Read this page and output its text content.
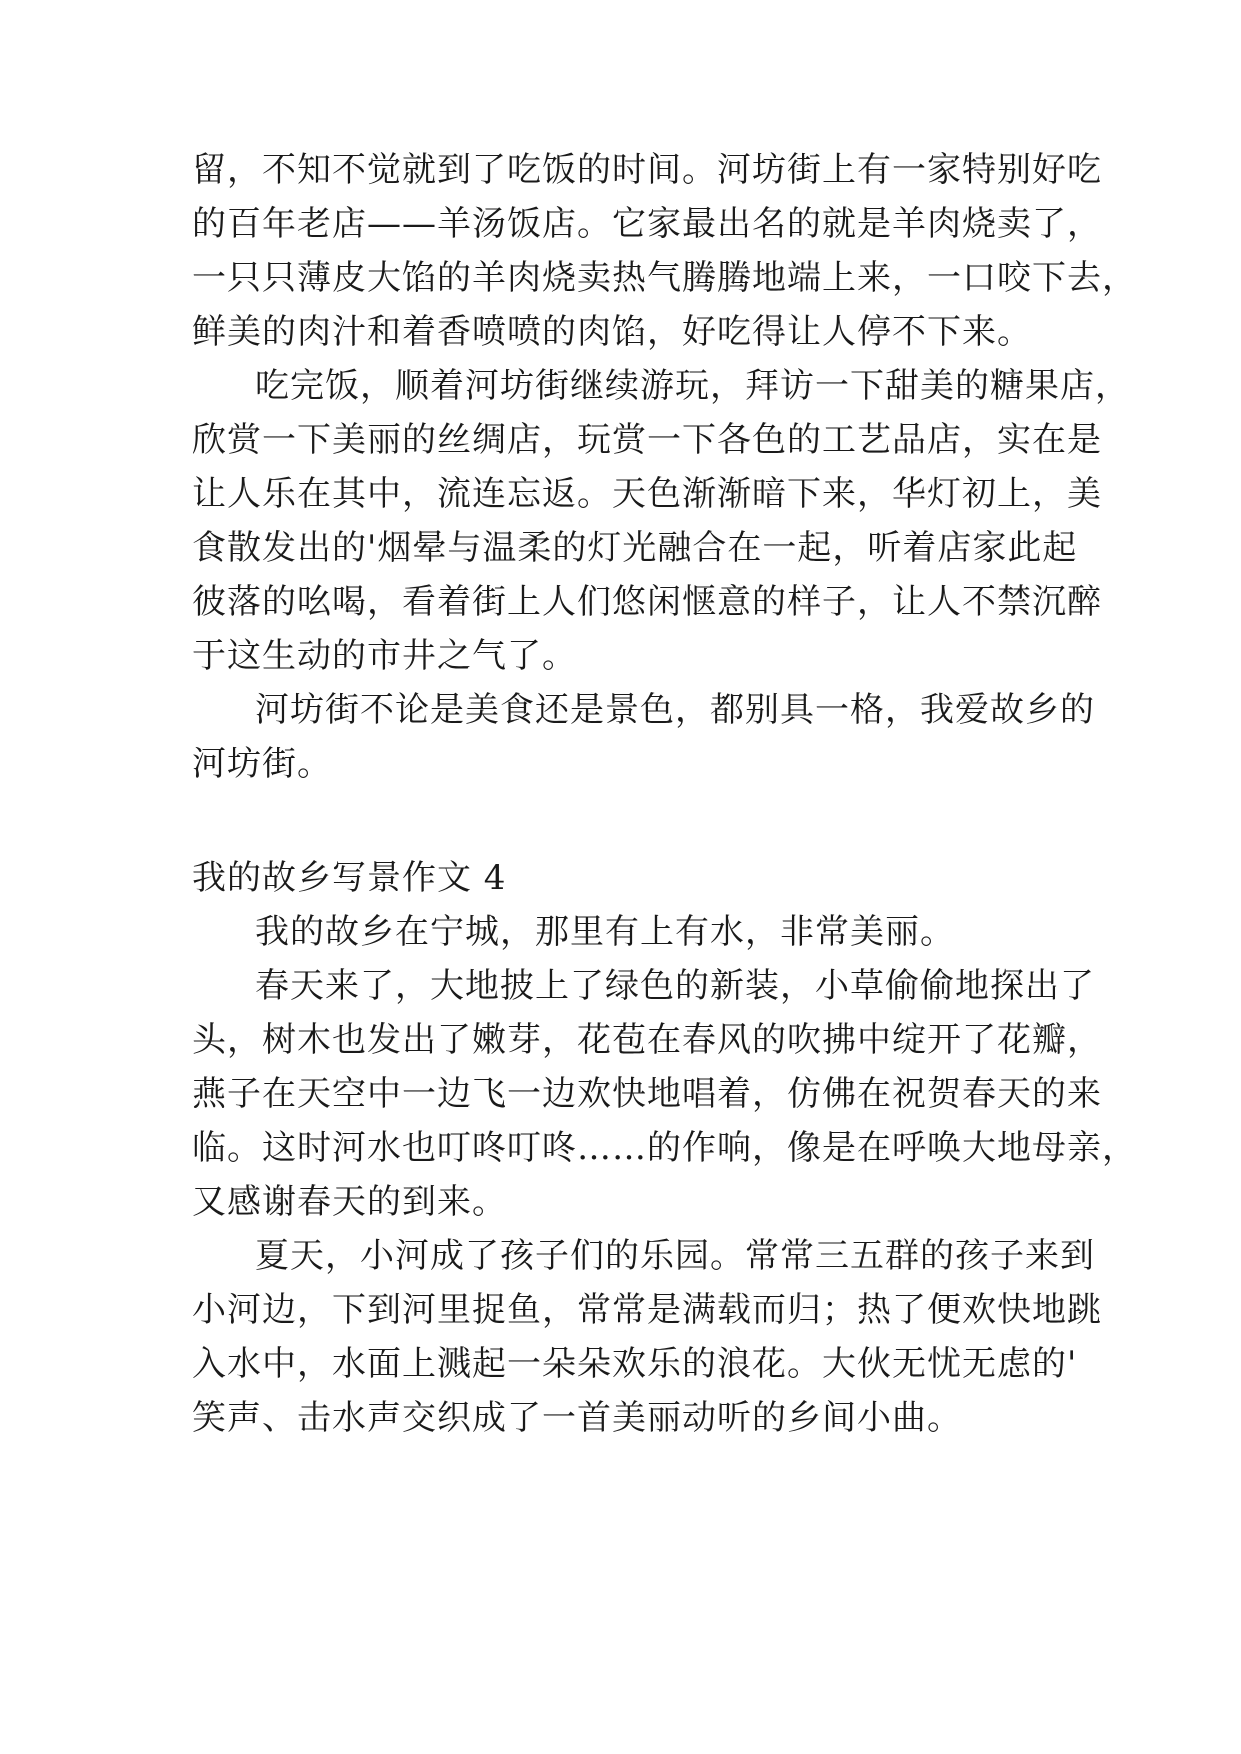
留，不知不觉就到了吃饭的时间。河坊街上有一家特别好吃
的百年老店——羊汤饭店。它家最出名的就是羊肉烧卖了，
一只只薄皮大馅的羊肉烧卖热气腾腾地端上来，一口咬下去，
鲜美的肉汁和着香喷喷的肉馅，好吃得让人停不下来。
吃完饭，顺着河坊街继续游玩，拜访一下甜美的糖果店，
欣赏一下美丽的丝绸店，玩赏一下各色的工艺品店，实在是
让人乐在其中，流连忘返。天色渐渐暗下来，华灯初上，美
食散发出的'烟晕与温柔的灯光融合在一起，听着店家此起
彼落的吆喝，看着街上人们悠闲惬意的样子，让人不禁沉醉
于这生动的市井之气了。
河坊街不论是美食还是景色，都别具一格，我爱故乡的
河坊街。
我的故乡写景作文 4
我的故乡在宁城，那里有上有水，非常美丽。
春天来了，大地披上了绿色的新装，小草偷偷地探出了
头，树木也发出了嫩芽，花苞在春风的吹拂中绽开了花瓣，
燕子在天空中一边飞一边欢快地唱着，仿佛在祝贺春天的来
临。这时河水也叮咚叮咚……的作响，像是在呼唤大地母亲，
又感谢春天的到来。
夏天，小河成了孩子们的乐园。常常三五群的孩子来到
小河边，下到河里捉鱼，常常是满载而归；热了便欢快地跳
入水中，水面上溅起一朵朵欢乐的浪花。大伙无忧无虑的'
笑声、击水声交织成了一首美丽动听的乡间小曲。
